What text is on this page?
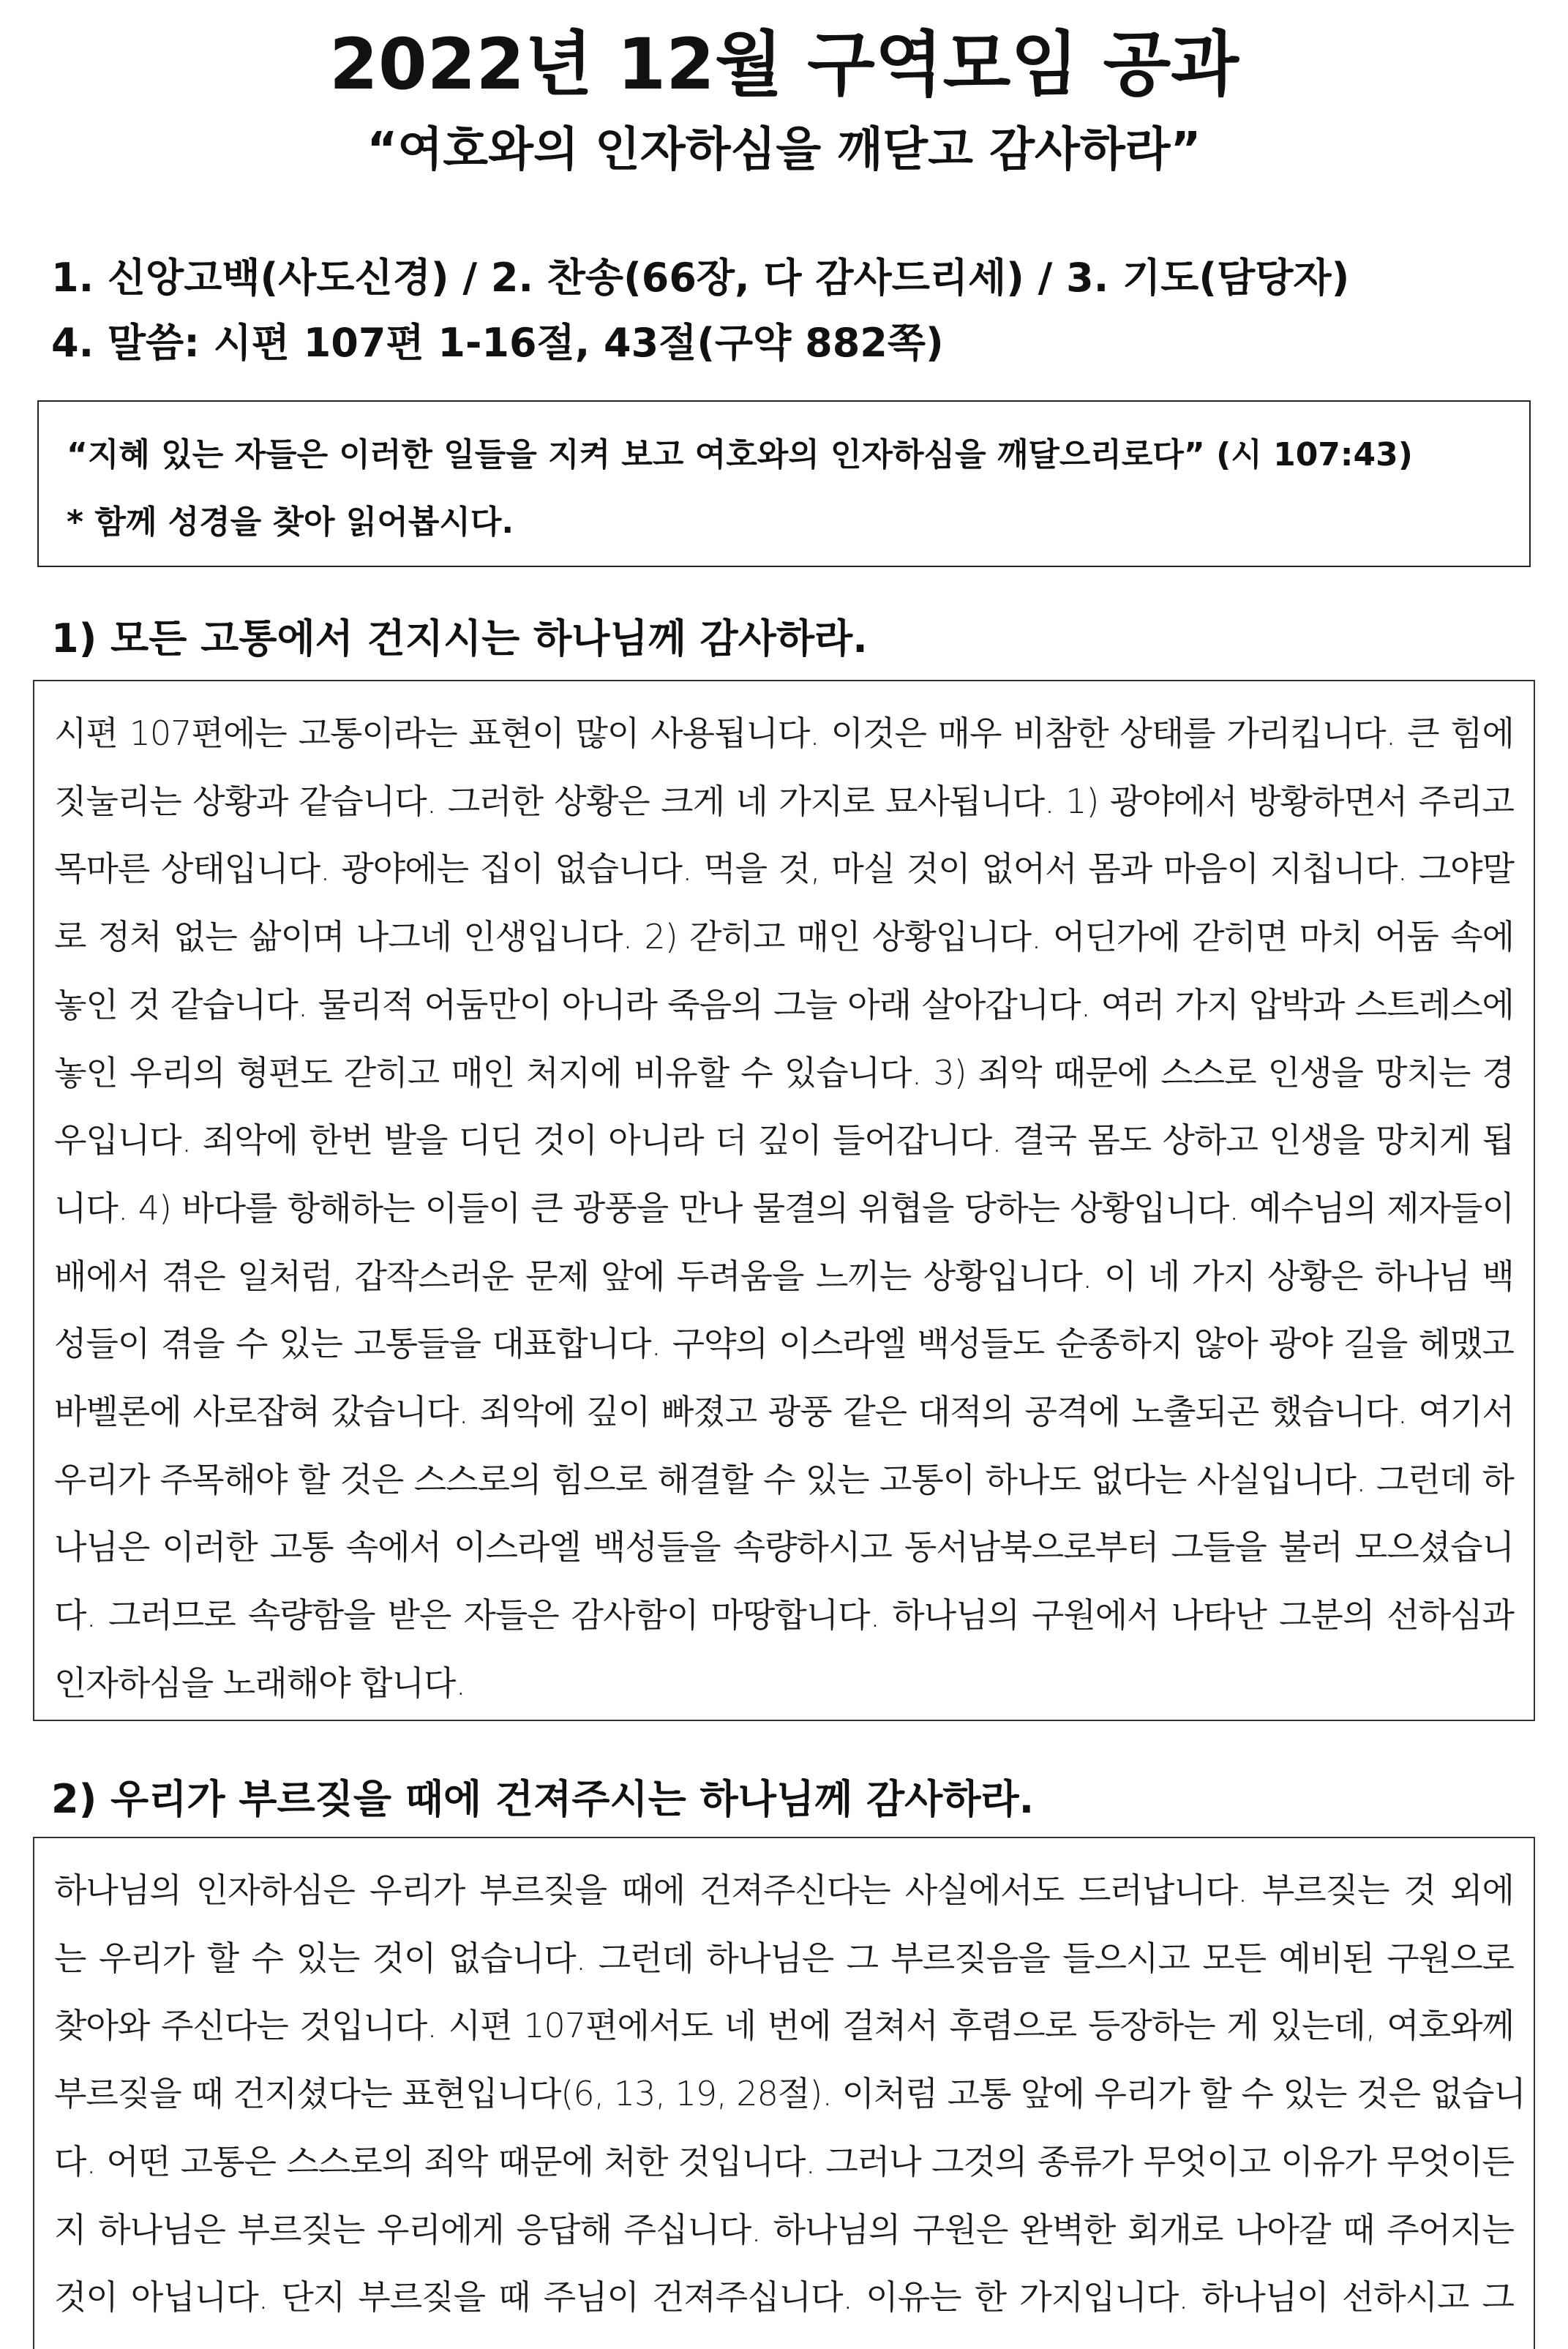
2022년 12월 구역모임 공과
“여호와의 인자하심을 깨닫고 감사하라”
1. 신앙고백(사도신경) / 2. 찬송(66장, 다 감사드리세) / 3. 기도(담당자)
4. 말씀: 시편 107편 1-16절, 43절(구약 882쪽)
“지혜 있는 자들은 이러한 일들을 지켜 보고 여호와의 인자하심을 깨달으리로다” (시 107:43)
* 함께 성경을 찾아 읽어봅시다.
1) 모든 고통에서 건지시는 하나님께 감사하라.
시편 107편에는 고통이라는 표현이 많이 사용됩니다. 이것은 매우 비참한 상태를 가리킵니다. 큰 힘에
짓눌리는 상황과 같습니다. 그러한 상황은 크게 네 가지로 묘사됩니다. 1) 광야에서 방황하면서 주리고
목마른 상태입니다. 광야에는 집이 없습니다. 먹을 것, 마실 것이 없어서 몸과 마음이 지칩니다. 그야말
로 정처 없는 삶이며 나그네 인생입니다. 2) 갇히고 매인 상황입니다. 어딘가에 갇히면 마치 어둠 속에
놓인 것 같습니다. 물리적 어둠만이 아니라 죽음의 그늘 아래 살아갑니다. 여러 가지 압박과 스트레스에
놓인 우리의 형편도 갇히고 매인 처지에 비유할 수 있습니다. 3) 죄악 때문에 스스로 인생을 망치는 경
우입니다. 죄악에 한번 발을 디딘 것이 아니라 더 깊이 들어갑니다. 결국 몸도 상하고 인생을 망치게 됩
니다. 4) 바다를 항해하는 이들이 큰 광풍을 만나 물결의 위협을 당하는 상황입니다. 예수님의 제자들이
배에서 겪은 일처럼, 갑작스러운 문제 앞에 두려움을 느끼는 상황입니다. 이 네 가지 상황은 하나님 백
성들이 겪을 수 있는 고통들을 대표합니다. 구약의 이스라엘 백성들도 순종하지 않아 광야 길을 헤맸고
바벨론에 사로잡혀 갔습니다. 죄악에 깊이 빠졌고 광풍 같은 대적의 공격에 노출되곤 했습니다. 여기서
우리가 주목해야 할 것은 스스로의 힘으로 해결할 수 있는 고통이 하나도 없다는 사실입니다. 그런데 하
나님은 이러한 고통 속에서 이스라엘 백성들을 속량하시고 동서남북으로부터 그들을 불러 모으셨습니
다. 그러므로 속량함을 받은 자들은 감사함이 마땅합니다. 하나님의 구원에서 나타난 그분의 선하심과
인자하심을 노래해야 합니다.
2) 우리가 부르짖을 때에 건져주시는 하나님께 감사하라.
하나님의 인자하심은 우리가 부르짖을 때에 건져주신다는 사실에서도 드러납니다. 부르짖는 것 외에
는 우리가 할 수 있는 것이 없습니다. 그런데 하나님은 그 부르짖음을 들으시고 모든 예비된 구원으로
찾아와 주신다는 것입니다. 시편 107편에서도 네 번에 걸쳐서 후렴으로 등장하는 게 있는데, 여호와께
부르짖을 때 건지셨다는 표현입니다(6, 13, 19, 28절). 이처럼 고통 앞에 우리가 할 수 있는 것은 없습니
다. 어떤 고통은 스스로의 죄악 때문에 처한 것입니다. 그러나 그것의 종류가 무엇이고 이유가 무엇이든
지 하나님은 부르짖는 우리에게 응답해 주십니다. 하나님의 구원은 완벽한 회개로 나아갈 때 주어지는
것이 아닙니다. 단지 부르짖을 때 주님이 건져주십니다. 이유는 한 가지입니다. 하나님이 선하시고 그
